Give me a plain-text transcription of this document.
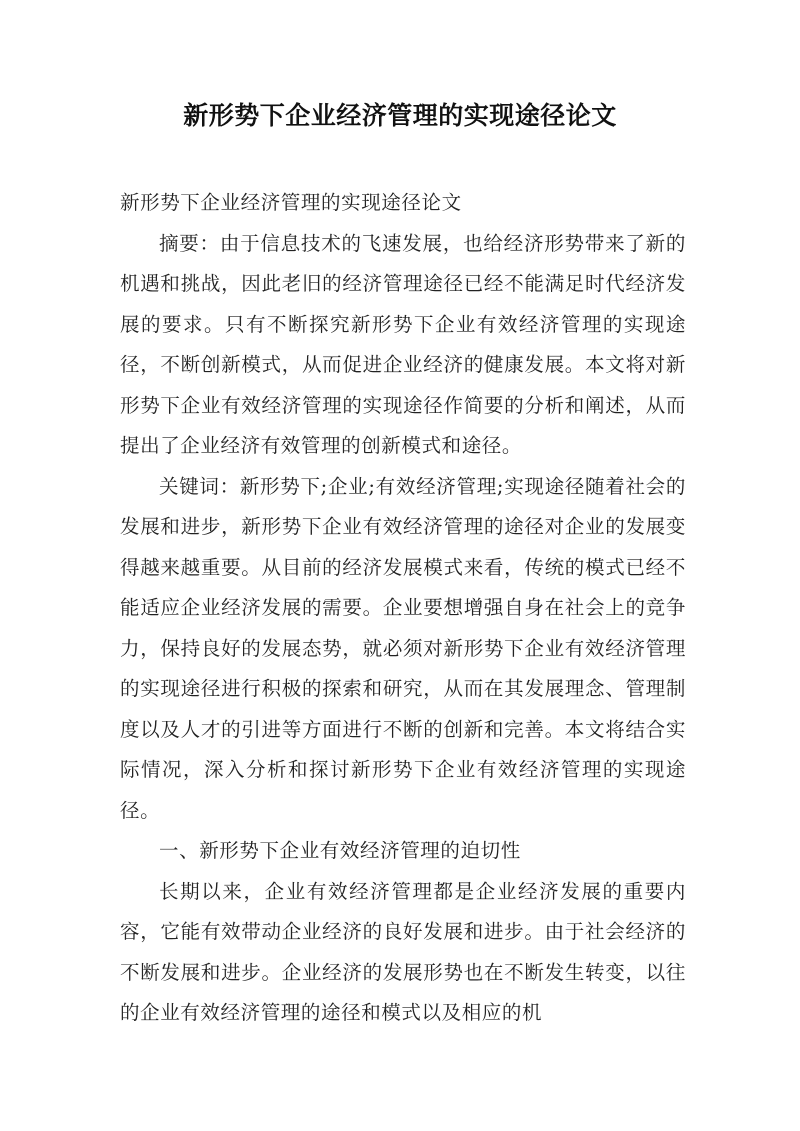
新形势下企业经济管理的实现途径论文

新形势下企业经济管理的实现途径论文

摘要：由于信息技术的飞速发展，也给经济形势带来了新的机遇和挑战，因此老旧的经济管理途径已经不能满足时代经济发展的要求。只有不断探究新形势下企业有效经济管理的实现途径，不断创新模式，从而促进企业经济的健康发展。本文将对新形势下企业有效经济管理的实现途径作简要的分析和阐述，从而提出了企业经济有效管理的创新模式和途径。

关键词：新形势下;企业;有效经济管理;实现途径随着社会的发展和进步，新形势下企业有效经济管理的途径对企业的发展变得越来越重要。从目前的经济发展模式来看，传统的模式已经不能适应企业经济发展的需要。企业要想增强自身在社会上的竞争力，保持良好的发展态势，就必须对新形势下企业有效经济管理的实现途径进行积极的探索和研究，从而在其发展理念、管理制度以及人才的引进等方面进行不断的创新和完善。本文将结合实际情况，深入分析和探讨新形势下企业有效经济管理的实现途径。

一、新形势下企业有效经济管理的迫切性

长期以来，企业有效经济管理都是企业经济发展的重要内容，它能有效带动企业经济的良好发展和进步。由于社会经济的不断发展和进步。企业经济的发展形势也在不断发生转变，以往的企业有效经济管理的途径和模式以及相应的机
